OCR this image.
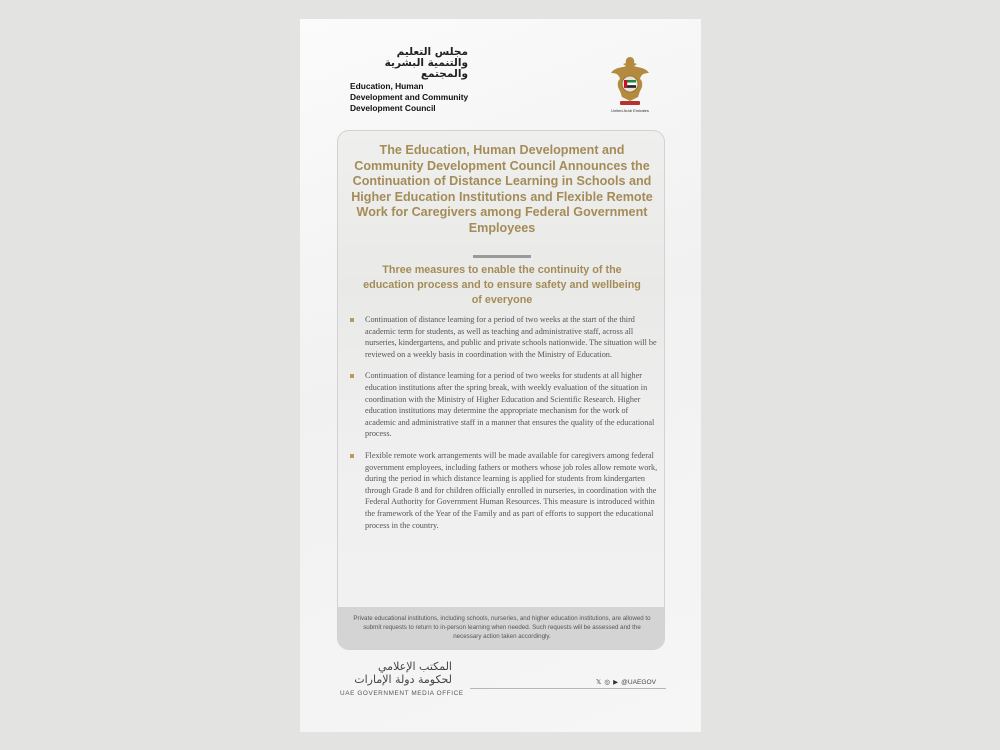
مجلس التعليم
والتنمية البشرية
والمجتمع
Education, Human
Development and Community
Development Council	United Arab Emirates
The Education, Human Development and Community Development Council Announces the Continuation of Distance Learning in Schools and Higher Education Institutions and Flexible Remote Work for Caregivers among Federal Government Employees
Three measures to enable the continuity of the education process and to ensure safety and wellbeing of everyone
Continuation of distance learning for a period of two weeks at the start of the third academic term for students, as well as teaching and administrative staff, across all nurseries, kindergartens, and public and private schools nationwide. The situation will be reviewed on a weekly basis in coordination with the Ministry of Education.
Continuation of distance learning for a period of two weeks for students at all higher education institutions after the spring break, with weekly evaluation of the situation in coordination with the Ministry of Higher Education and Scientific Research. Higher education institutions may determine the appropriate mechanism for the work of academic and administrative staff in a manner that ensures the quality of the educational process.
Flexible remote work arrangements will be made available for caregivers among federal government employees, including fathers or mothers whose job roles allow remote work, during the period in which distance learning is applied for students from kindergarten through Grade 8 and for children officially enrolled in nurseries, in coordination with the Federal Authority for Government Human Resources. This measure is introduced within the framework of the Year of the Family and as part of efforts to support the educational process in the country.
Private educational institutions, including schools, nurseries, and higher education institutions, are allowed to submit requests to return to in-person learning when needed. Such requests will be assessed and the necessary action taken accordingly.
المكتب الإعلامي
لحكومة دولة الإمارات
UAE GOVERNMENT MEDIA OFFICE
𝕏 ◎ ▶ @UAEGOV
